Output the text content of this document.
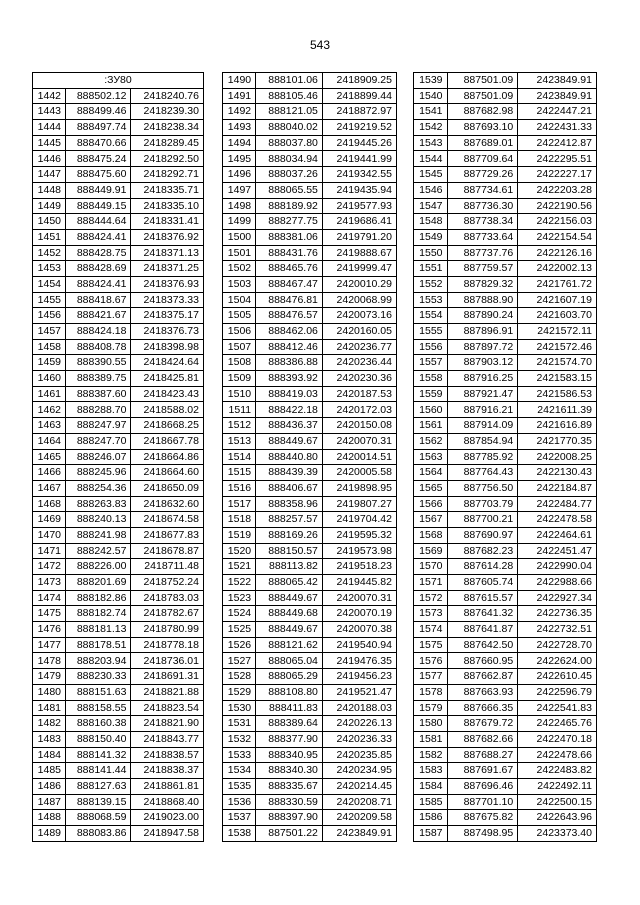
543
:ЗУ80		
1442	888502.12	2418240.76
1443	888499.46	2418239.30
1444	888497.74	2418238.34
1445	888470.66	2418289.45
1446	888475.24	2418292.50
1447	888475.60	2418292.71
1448	888449.91	2418335.71
1449	888449.15	2418335.10
1450	888444.64	2418331.41
1451	888424.41	2418376.92
1452	888428.75	2418371.13
1453	888428.69	2418371.25
1454	888424.41	2418376.93
1455	888418.67	2418373.33
1456	888421.67	2418375.17
1457	888424.18	2418376.73
1458	888408.78	2418398.98
1459	888390.55	2418424.64
1460	888389.75	2418425.81
1461	888387.60	2418423.43
1462	888288.70	2418588.02
1463	888247.97	2418668.25
1464	888247.70	2418667.78
1465	888246.07	2418664.86
1466	888245.96	2418664.60
1467	888254.36	2418650.09
1468	888263.83	2418632.60
1469	888240.13	2418674.58
1470	888241.98	2418677.83
1471	888242.57	2418678.87
1472	888226.00	2418711.48
1473	888201.69	2418752.24
1474	888182.86	2418783.03
1475	888182.74	2418782.67
1476	888181.13	2418780.99
1477	888178.51	2418778.18
1478	888203.94	2418736.01
1479	888230.33	2418691.31
1480	888151.63	2418821.88
1481	888158.55	2418823.54
1482	888160.38	2418821.90
1483	888150.40	2418843.77
1484	888141.32	2418838.57
1485	888141.44	2418838.37
1486	888127.63	2418861.81
1487	888139.15	2418868.40
1488	888068.59	2419023.00
1489	888083.86	2418947.58
1490	888101.06	2418909.25
1491	888105.46	2418899.44
1492	888121.05	2418872.97
1493	888040.02	2419219.52
1494	888037.80	2419445.26
1495	888034.94	2419441.99
1496	888037.26	2419342.55
1497	888065.55	2419435.94
1498	888189.92	2419577.93
1499	888277.75	2419686.41
1500	888381.06	2419791.20
1501	888431.76	2419888.67
1502	888465.76	2419999.47
1503	888467.47	2420010.29
1504	888476.81	2420068.99
1505	888476.57	2420073.16
1506	888462.06	2420160.05
1507	888412.46	2420236.77
1508	888386.88	2420236.44
1509	888393.92	2420230.36
1510	888419.03	2420187.53
1511	888422.18	2420172.03
1512	888436.37	2420150.08
1513	888449.67	2420070.31
1514	888440.80	2420014.51
1515	888439.39	2420005.58
1516	888406.67	2419898.95
1517	888358.96	2419807.27
1518	888257.57	2419704.42
1519	888169.26	2419595.32
1520	888150.57	2419573.98
1521	888113.82	2419518.23
1522	888065.42	2419445.82
1523	888449.67	2420070.31
1524	888449.68	2420070.19
1525	888449.67	2420070.38
1526	888121.62	2419540.94
1527	888065.04	2419476.35
1528	888065.29	2419456.23
1529	888108.80	2419521.47
1530	888411.83	2420188.03
1531	888389.64	2420226.13
1532	888377.90	2420236.33
1533	888340.95	2420235.85
1534	888340.30	2420234.95
1535	888335.67	2420214.45
1536	888330.59	2420208.71
1537	888397.90	2420209.58
1538	887501.22	2423849.91
1539	887501.09	2423849.91
1540	887501.09	2423849.91
1541	887682.98	2422447.21
1542	887693.10	2422431.33
1543	887689.01	2422412.87
1544	887709.64	2422295.51
1545	887729.26	2422227.17
1546	887734.61	2422203.28
1547	887736.30	2422190.56
1548	887738.34	2422156.03
1549	887733.64	2422154.54
1550	887737.76	2422126.16
1551	887759.57	2422002.13
1552	887829.32	2421761.72
1553	887888.90	2421607.19
1554	887890.24	2421603.70
1555	887896.91	2421572.11
1556	887897.72	2421572.46
1557	887903.12	2421574.70
1558	887916.25	2421583.15
1559	887921.47	2421586.53
1560	887916.21	2421611.39
1561	887914.09	2421616.89
1562	887854.94	2421770.35
1563	887785.92	2422008.25
1564	887764.43	2422130.43
1565	887756.50	2422184.87
1566	887703.79	2422484.77
1567	887700.21	2422478.58
1568	887690.97	2422464.61
1569	887682.23	2422451.47
1570	887614.28	2422990.04
1571	887605.74	2422988.66
1572	887615.57	2422927.34
1573	887641.32	2422736.35
1574	887641.87	2422732.51
1575	887642.50	2422728.70
1576	887660.95	2422624.00
1577	887662.87	2422610.45
1578	887663.93	2422596.79
1579	887666.35	2422541.83
1580	887679.72	2422465.76
1581	887682.66	2422470.18
1582	887688.27	2422478.66
1583	887691.67	2422483.82
1584	887696.46	2422492.11
1585	887701.10	2422500.15
1586	887675.82	2422643.96
1587	887498.95	2423373.40
